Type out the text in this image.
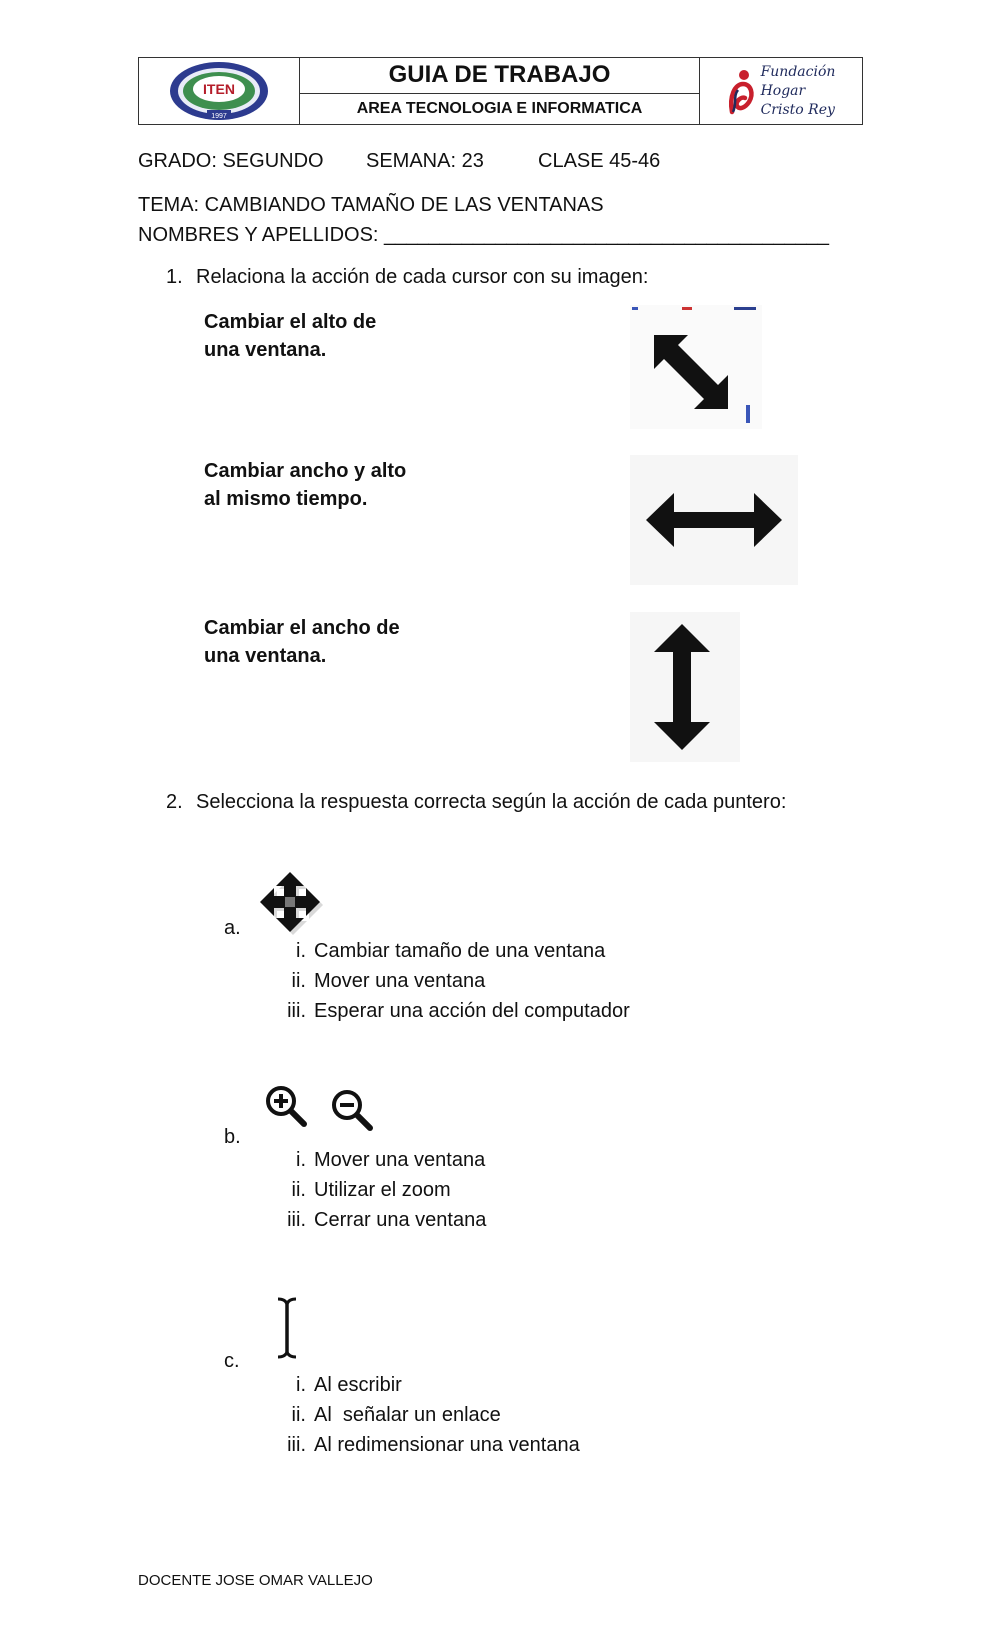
ITEN
1997
GUIA DE TRABAJO
AREA TECNOLOGIA E INFORMATICA
Fundación
Hogar
Cristo Rey
GRADO: SEGUNDO SEMANA: 23	CLASE 45-46
TEMA: CAMBIANDO TAMAÑO DE LAS VENTANAS
NOMBRES Y APELLIDOS: ________________________________________
1. Relaciona la acción de cada cursor con su imagen:
Cambiar el alto de
una ventana.
Cambiar ancho y alto
al mismo tiempo.
Cambiar el ancho de
una ventana.
2. Selecciona la respuesta correcta según la acción de cada puntero:
a.
i. Cambiar tamaño de una ventana
ii. Mover una ventana
iii. Esperar una acción del computador
b.
i. Mover una ventana
ii. Utilizar el zoom
iii. Cerrar una ventana
c.
i. Al escribir
ii. Al  señalar un enlace
iii. Al redimensionar una ventana
DOCENTE JOSE OMAR VALLEJO
